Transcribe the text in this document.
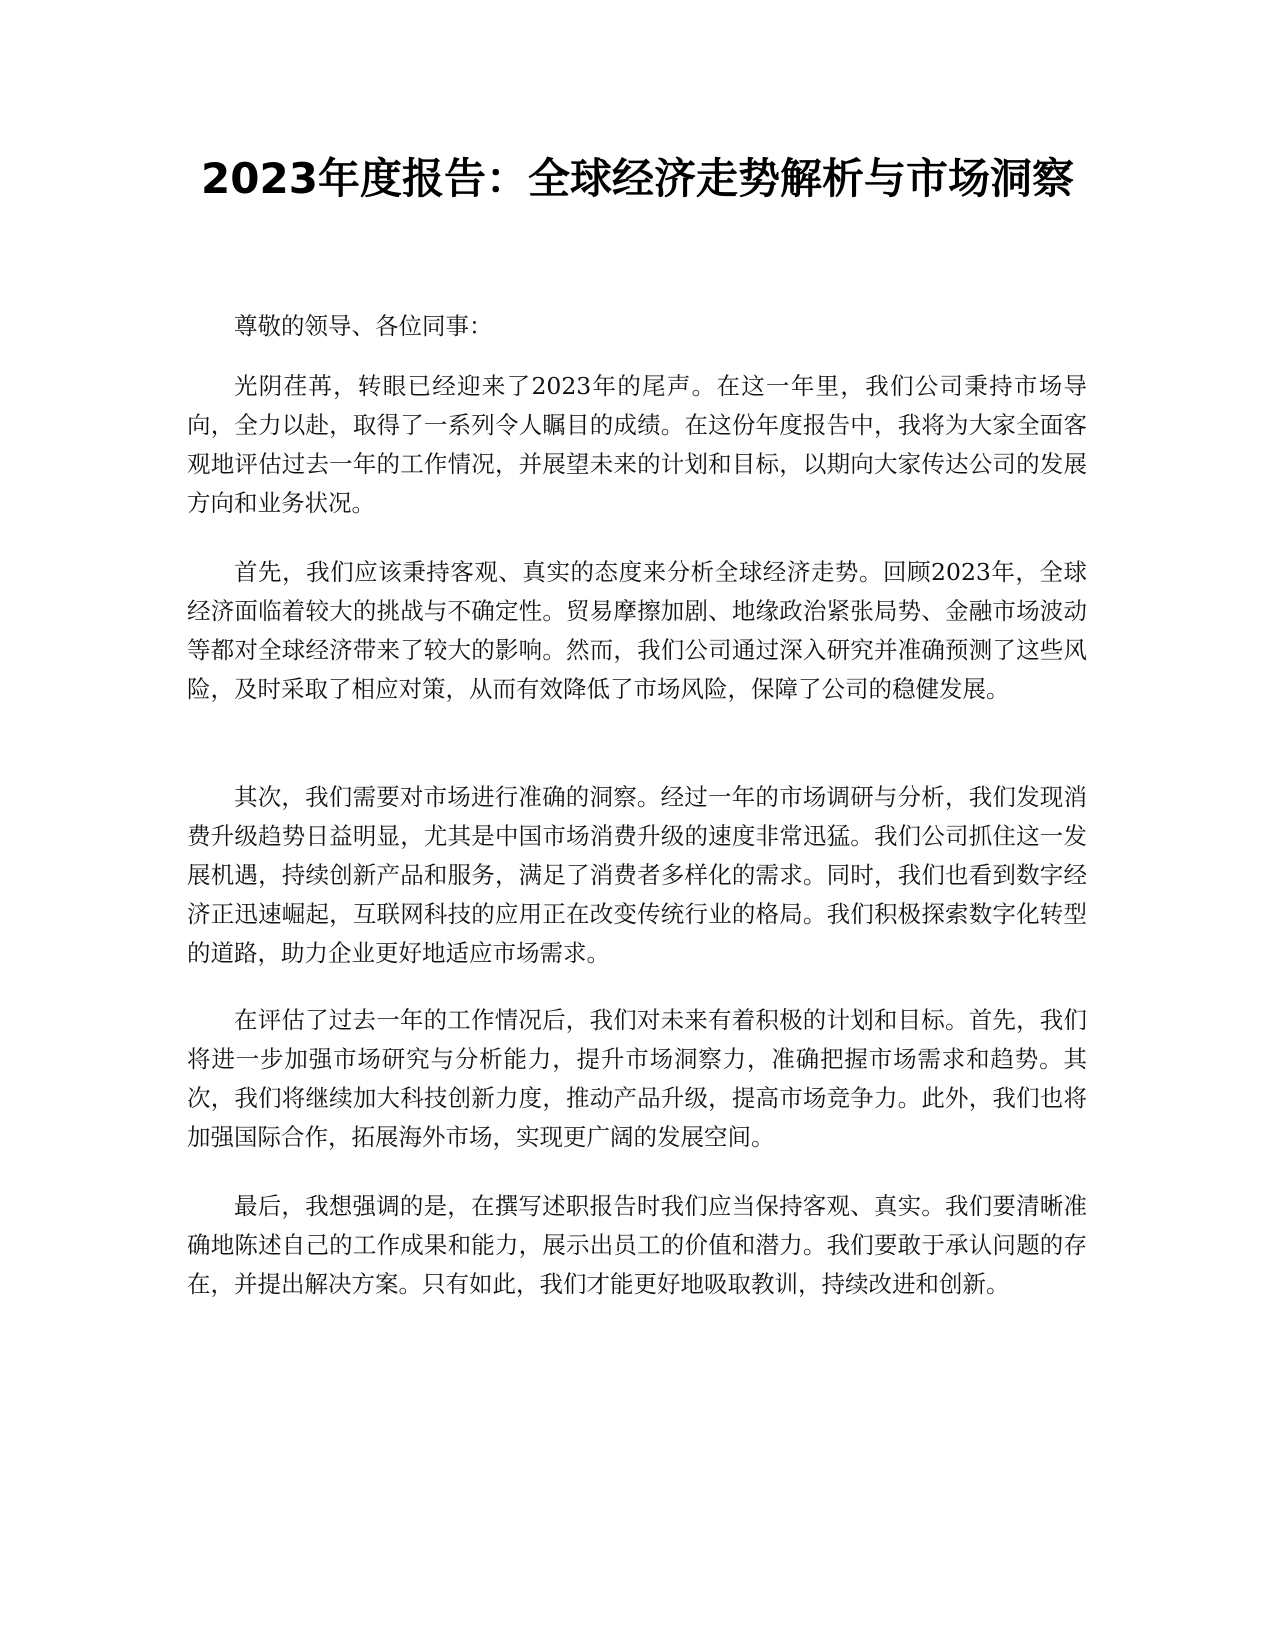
2023年度报告：全球经济走势解析与市场洞察

尊敬的领导、各位同事：

光阴荏苒，转眼已经迎来了2023年的尾声。在这一年里，我们公司秉持市场导向，全力以赴，取得了一系列令人瞩目的成绩。在这份年度报告中，我将为大家全面客观地评估过去一年的工作情况，并展望未来的计划和目标，以期向大家传达公司的发展方向和业务状况。

首先，我们应该秉持客观、真实的态度来分析全球经济走势。回顾2023年，全球经济面临着较大的挑战与不确定性。贸易摩擦加剧、地缘政治紧张局势、金融市场波动等都对全球经济带来了较大的影响。然而，我们公司通过深入研究并准确预测了这些风险，及时采取了相应对策，从而有效降低了市场风险，保障了公司的稳健发展。

其次，我们需要对市场进行准确的洞察。经过一年的市场调研与分析，我们发现消费升级趋势日益明显，尤其是中国市场消费升级的速度非常迅猛。我们公司抓住这一发展机遇，持续创新产品和服务，满足了消费者多样化的需求。同时，我们也看到数字经济正迅速崛起，互联网科技的应用正在改变传统行业的格局。我们积极探索数字化转型的道路，助力企业更好地适应市场需求。

在评估了过去一年的工作情况后，我们对未来有着积极的计划和目标。首先，我们将进一步加强市场研究与分析能力，提升市场洞察力，准确把握市场需求和趋势。其次，我们将继续加大科技创新力度，推动产品升级，提高市场竞争力。此外，我们也将加强国际合作，拓展海外市场，实现更广阔的发展空间。

最后，我想强调的是，在撰写述职报告时我们应当保持客观、真实。我们要清晰准确地陈述自己的工作成果和能力，展示出员工的价值和潜力。我们要敢于承认问题的存在，并提出解决方案。只有如此，我们才能更好地吸取教训，持续改进和创新。
